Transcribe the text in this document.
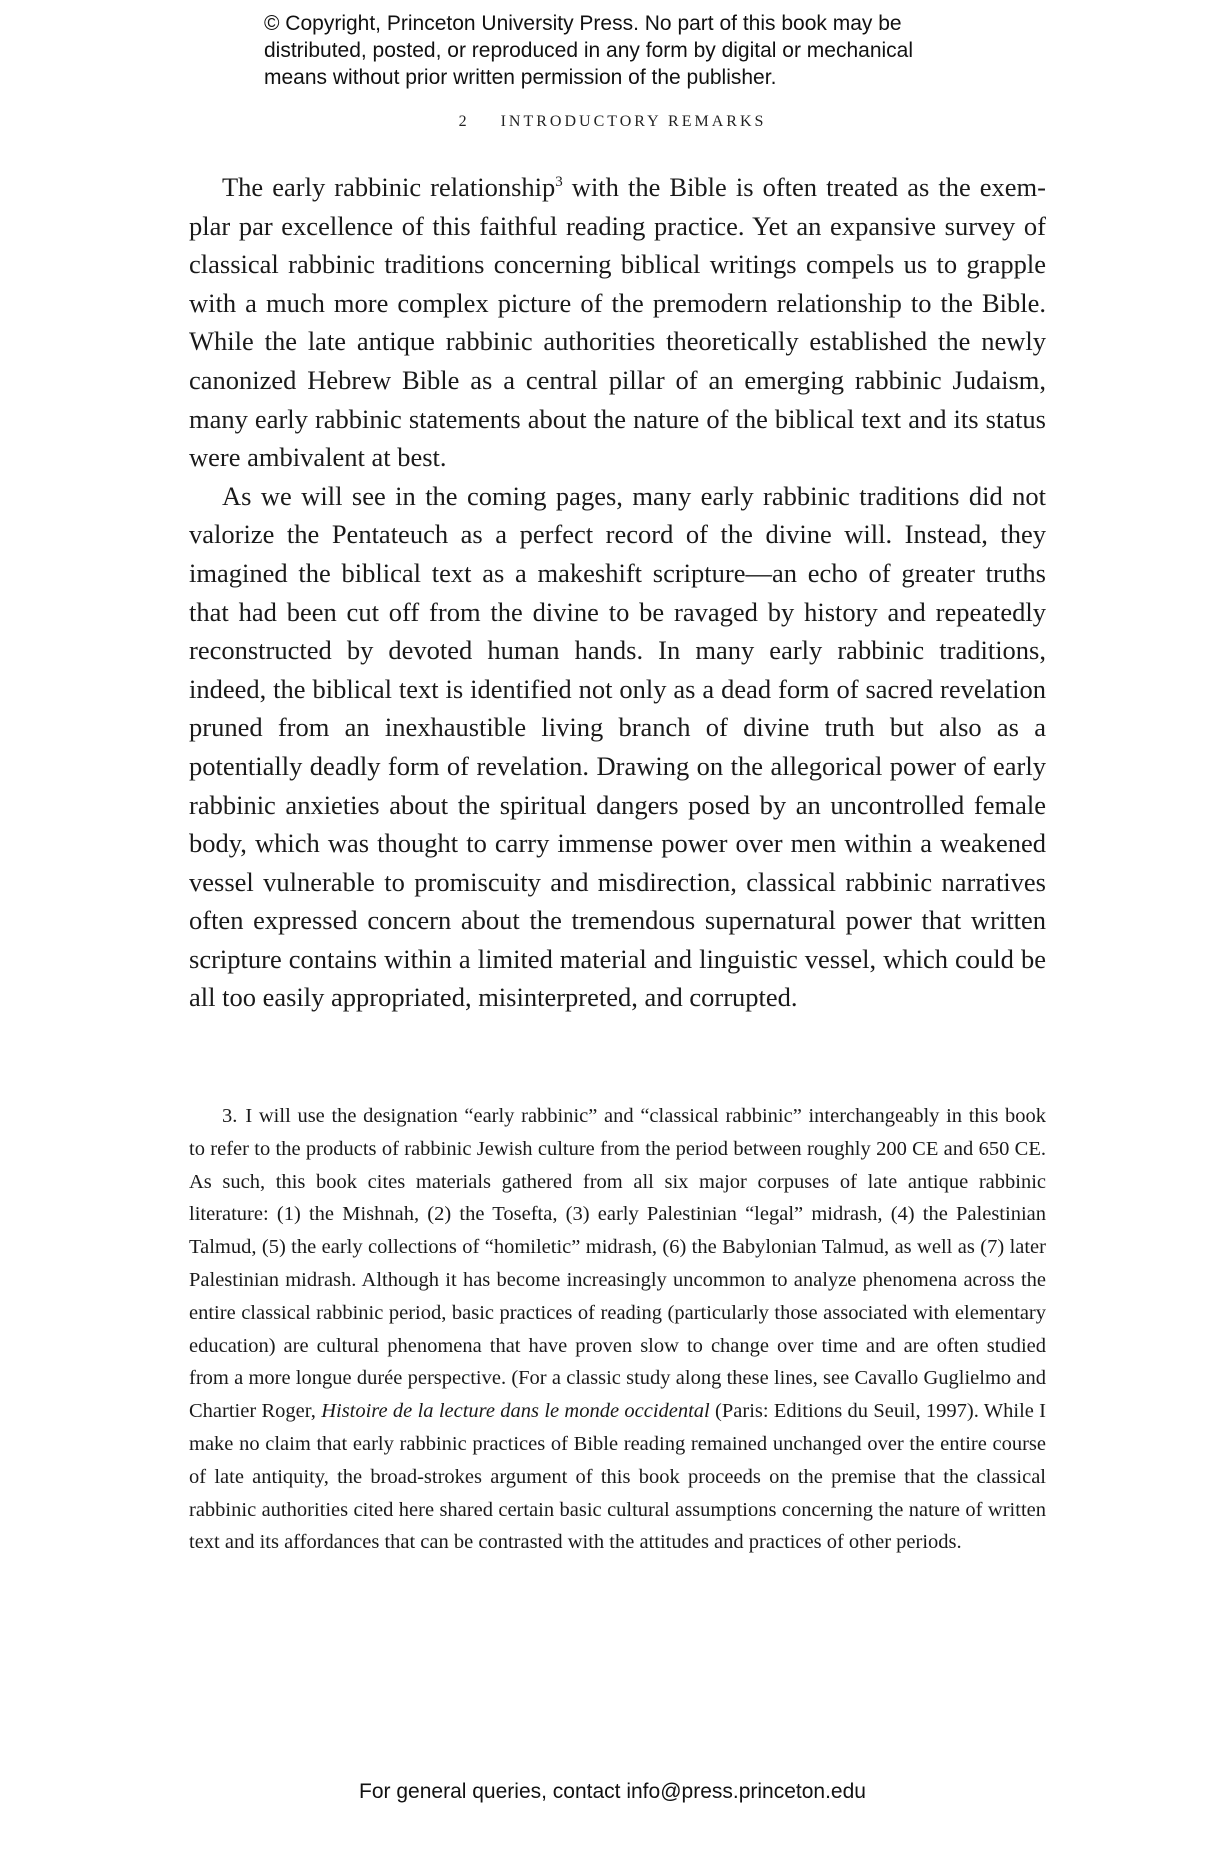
© Copyright, Princeton University Press. No part of this book may be
distributed, posted, or reproduced in any form by digital or mechanical
means without prior written permission of the publisher.
2 INTRODUCTORY REMARKS

The early rabbinic relationship$^3$ with the Bible is often treated as the exemplar par excellence of this faithful reading practice. Yet an expansive survey of classical rabbinic traditions concerning biblical writings compels us to grapple with a much more complex picture of the premodern relationship to the Bible. While the late antique rabbinic authorities theoretically established the newly canonized Hebrew Bible as a central pillar of an emerging rabbinic Judaism, many early rabbinic statements about the nature of the biblical text and its status were ambivalent at best.

As we will see in the coming pages, many early rabbinic traditions did not valorize the Pentateuch as a perfect record of the divine will. Instead, they imagined the biblical text as a makeshift scripture—an echo of greater truths that had been cut off from the divine to be ravaged by history and repeatedly reconstructed by devoted human hands. In many early rabbinic traditions, indeed, the biblical text is identified not only as a dead form of sacred revelation pruned from an inexhaustible living branch of divine truth but also as a potentially deadly form of revelation. Drawing on the allegorical power of early rabbinic anxieties about the spiritual dangers posed by an uncontrolled female body, which was thought to carry immense power over men within a weakened vessel vulnerable to promiscuity and misdirection, classical rabbinic narratives often expressed concern about the tremendous supernatural power that written scripture contains within a limited material and linguistic vessel, which could be all too easily appropriated, misinterpreted, and corrupted.

3. I will use the designation “early rabbinic” and “classical rabbinic” interchangeably in this book to refer to the products of rabbinic Jewish culture from the period between roughly 200 CE and 650 CE. As such, this book cites materials gathered from all six major corpuses of late antique rabbinic literature: (1) the Mishnah, (2) the Tosefta, (3) early Palestinian “legal” midrash, (4) the Palestinian Talmud, (5) the early collections of “homiletic” midrash, (6) the Babylonian Talmud, as well as (7) later Palestinian midrash. Although it has become increasingly uncommon to analyze phenomena across the entire classical rabbinic period, basic practices of reading (particularly those associated with elementary education) are cultural phenomena that have proven slow to change over time and are often studied from a more longue durée perspective. (For a classic study along these lines, see Cavallo Guglielmo and Chartier Roger, Histoire de la lecture dans le monde occidental (Paris: Editions du Seuil, 1997). While I make no claim that early rabbinic practices of Bible reading remained unchanged over the entire course of late antiquity, the broad-strokes argument of this book proceeds on the premise that the classical rabbinic authorities cited here shared certain basic cultural assumptions concerning the nature of written text and its affordances that can be contrasted with the attitudes and practices of other periods.

For general queries, contact info@press.princeton.edu
